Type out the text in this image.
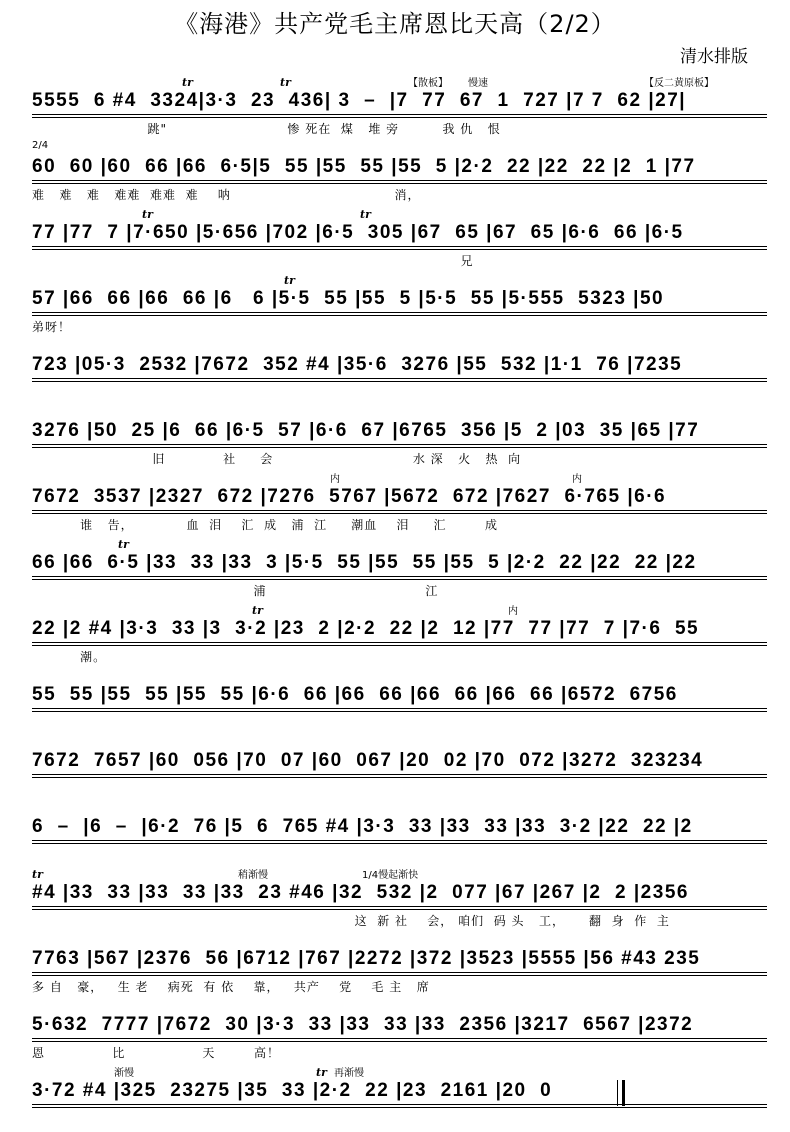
《海港》共产党毛主席恩比天高（2/2）
清水排版
5555  6 #4  3324|3·3  23  436| 3  –  |7  77  67  1  727 |7 7  62 |27|
跳"                         惨 死在  煤   堆 旁         我 仇   恨
【散板】 慢速	【反二黄原板】
tr	tr
60  60 |60  66 |66  6·5|5  55 |55  55 |55  5 |2·2  22 |22  22 |2  1 |77
难   难   难   难难  难难  难    呐                                  消，
2/4
77 |77  7 |7·650 |5·656 |702 |6·5  305 |67  65 |67  65 |6·6  66 |6·5
兄
tr	tr
57 |66  66 |66  66 |6   6 |5·5  55 |55  5 |5·5  55 |5·555  5323 |50
弟呀！
tr
723 |05·3  2532 |7672  352 #4 |35·6  3276 |55  532 |1·1  76 |7235
3276 |50  25 |6  66 |6·5  57 |6·6  67 |6765  356 |5  2 |03  35 |65 |77
旧            社     会                             水 深   火   热  向
7672  3537 |2327  672 |7276  5767 |5672  672 |7627  6·765 |6·6
谁   告，           血  泪    汇  成   浦  江     潮血    泪     汇        成
内	内
66 |66  6·5 |33  33 |33  3 |5·5  55 |55  55 |55  5 |2·2  22 |22  22 |22
浦                                 江
tr
22 |2 #4 |3·3  33 |3  3·2 |23  2 |2·2  22 |2  12 |77  77 |77  7 |7·6  55
潮。
内
tr
55  55 |55  55 |55  55 |6·6  66 |66  66 |66  66 |66  66 |6572  6756
7672  7657 |60  056 |70  07 |60  067 |20  02 |70  072 |3272  323234
6  –  |6  –  |6·2  76 |5  6  765 #4 |3·3  33 |33  33 |33  3·2 |22  22 |2
#4 |33  33 |33  33 |33  23 #46 |32  532 |2  077 |67 |267 |2  2 |2356
这  新 社    会， 咱们  码 头   工，     翻  身  作  主
稍渐慢	1/4慢起渐快
tr
7763 |567 |2376  56 |6712 |767 |2272 |372 |3523 |5555 |56 #43 235
多 自   豪，   生 老    病死  有 依    靠，   共产    党    毛 主   席
5·632  7777 |7672  30 |3·3  33 |33  33 |33  2356 |3217  6567 |2372
恩              比                天        高！
3·72 #4 |325  23275 |35  33 |2·2  22 |23  2161 |20  0
渐慢	再渐慢
tr
